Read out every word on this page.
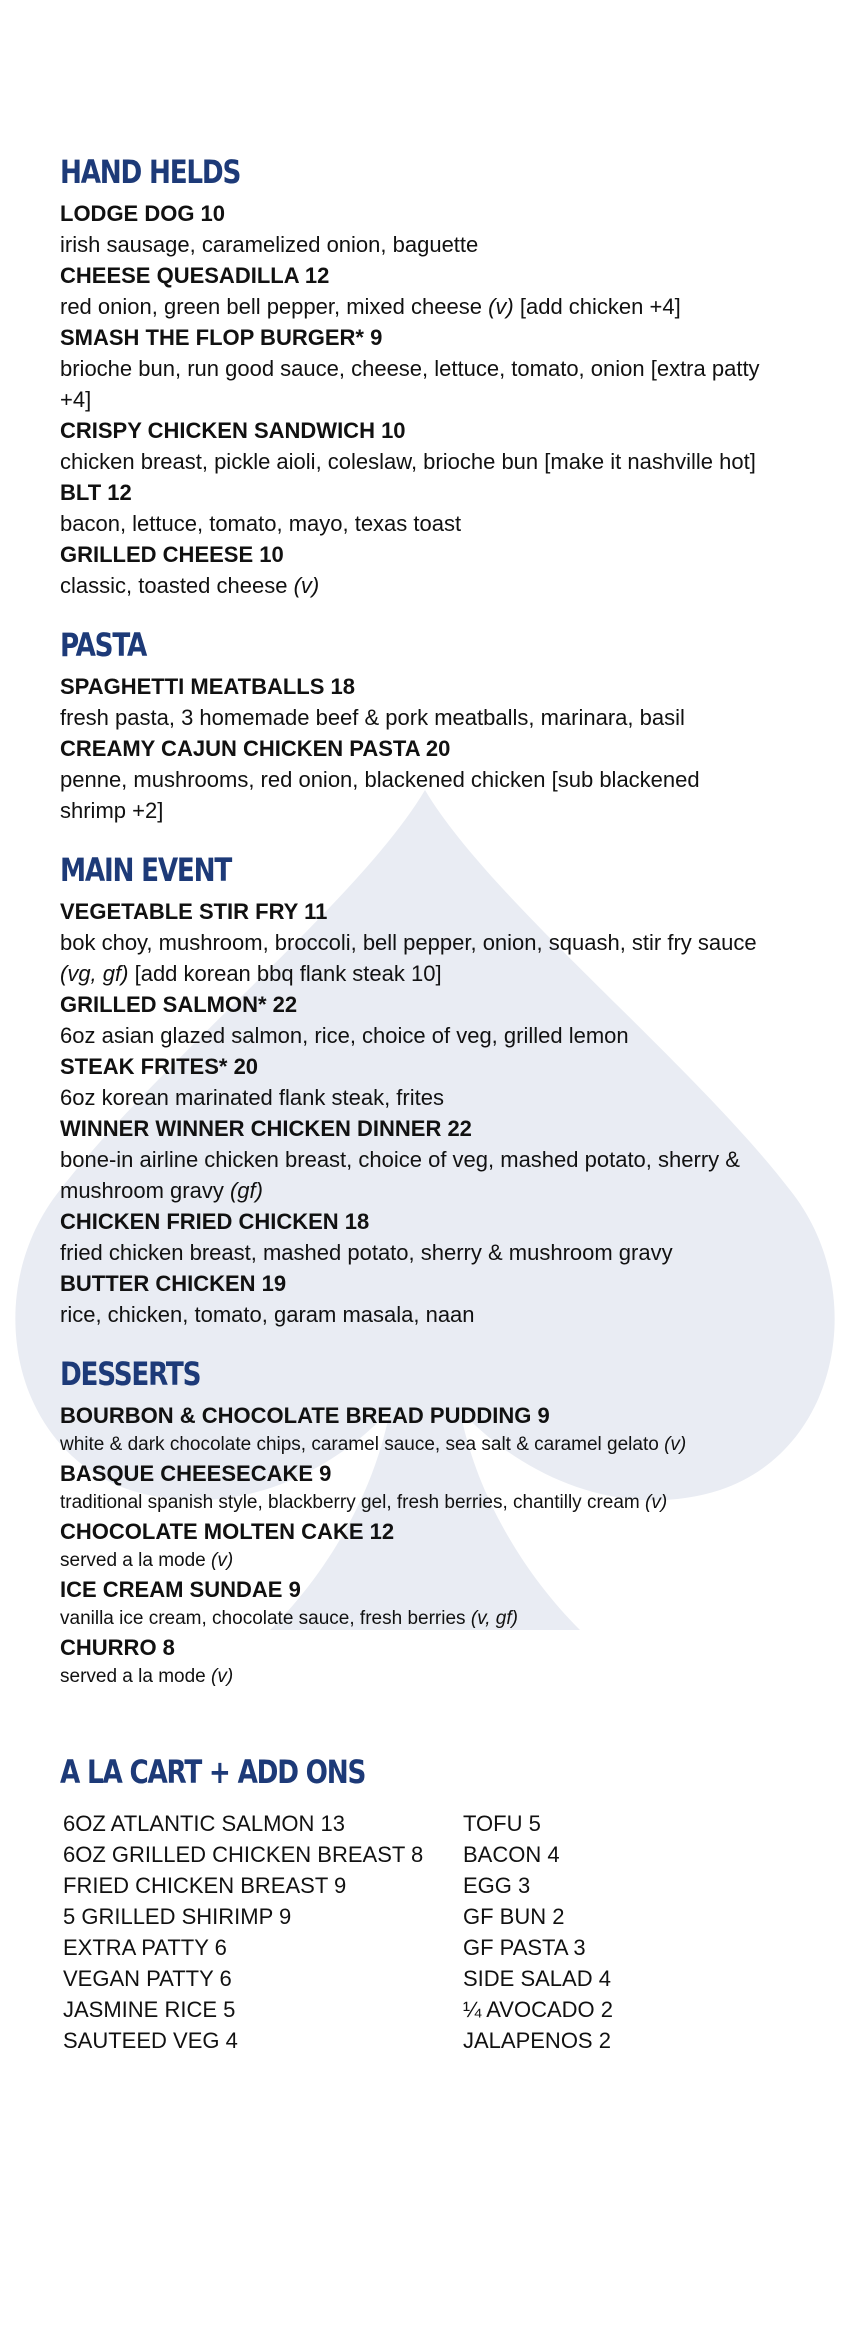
HAND HELDS
LODGE DOG 10
irish sausage, caramelized onion, baguette
CHEESE QUESADILLA 12
red onion, green bell pepper, mixed cheese (v) [add chicken +4]
SMASH THE FLOP BURGER* 9
brioche bun, run good sauce, cheese, lettuce, tomato, onion [extra patty +4]
CRISPY CHICKEN SANDWICH 10
chicken breast, pickle aioli, coleslaw, brioche bun [make it nashville hot]
BLT 12
bacon, lettuce, tomato, mayo, texas toast
GRILLED CHEESE 10
classic, toasted cheese (v)
PASTA
SPAGHETTI MEATBALLS 18
fresh pasta, 3 homemade beef & pork meatballs, marinara, basil
CREAMY CAJUN CHICKEN PASTA 20
penne, mushrooms, red onion, blackened chicken [sub blackened shrimp +2]
MAIN EVENT
VEGETABLE STIR FRY 11
bok choy, mushroom, broccoli, bell pepper, onion, squash, stir fry sauce (vg, gf) [add korean bbq flank steak 10]
GRILLED SALMON* 22
6oz asian glazed salmon, rice, choice of veg, grilled lemon
STEAK FRITES* 20
6oz korean marinated flank steak, frites
WINNER WINNER CHICKEN DINNER 22
bone-in airline chicken breast, choice of veg, mashed potato, sherry & mushroom gravy (gf)
CHICKEN FRIED CHICKEN 18
fried chicken breast, mashed potato, sherry & mushroom gravy
BUTTER CHICKEN 19
rice, chicken, tomato, garam masala, naan
DESSERTS
BOURBON & CHOCOLATE BREAD PUDDING 9
white & dark chocolate chips, caramel sauce, sea salt & caramel gelato (v)
BASQUE CHEESECAKE 9
traditional spanish style, blackberry gel, fresh berries, chantilly cream (v)
CHOCOLATE MOLTEN CAKE 12
served a la mode (v)
ICE CREAM SUNDAE 9
vanilla ice cream, chocolate sauce, fresh berries (v, gf)
CHURRO 8
served a la mode (v)
A LA CART + ADD ONS
6OZ ATLANTIC SALMON 13
6OZ GRILLED CHICKEN BREAST 8
FRIED CHICKEN BREAST 9
5 GRILLED SHIRIMP 9
EXTRA PATTY 6
VEGAN PATTY 6
JASMINE RICE 5
SAUTEED VEG 4
TOFU 5
BACON 4
EGG 3
GF BUN 2
GF PASTA 3
SIDE SALAD 4
¼ AVOCADO 2
JALAPENOS 2
